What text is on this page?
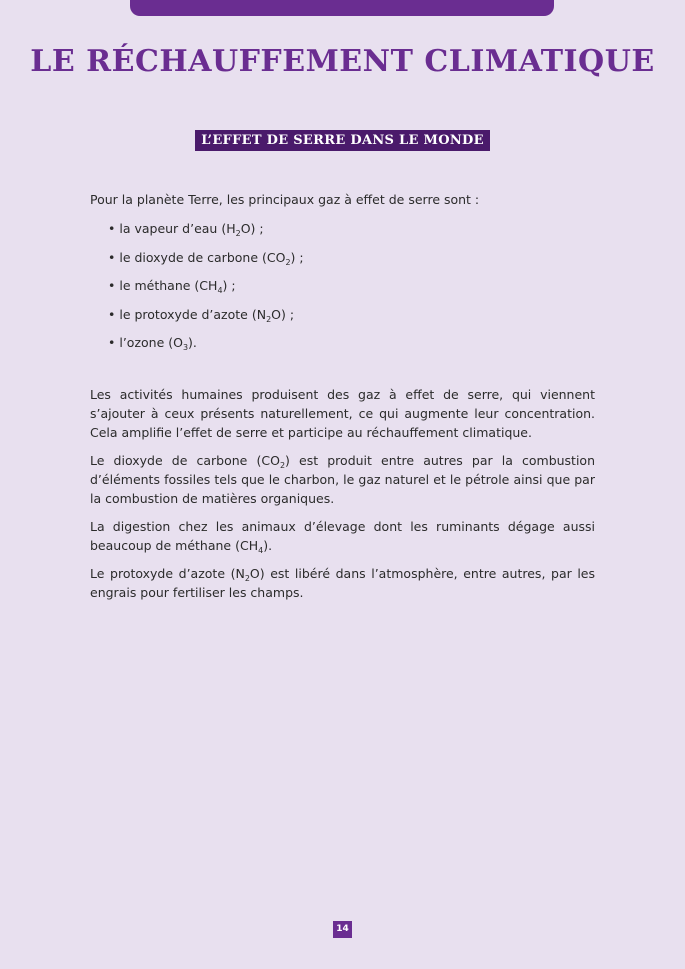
LE RÉCHAUFFEMENT CLIMATIQUE
L’EFFET DE SERRE DANS LE MONDE

Pour la planète Terre, les principaux gaz à effet de serre sont :

• la vapeur d’eau $(H_2O)$ ;
• le dioxyde de carbone $(CO_2)$ ;
• le méthane $(CH_4)$ ;
• le protoxyde d’azote $(N_2O)$ ;
• l’ozone $(O_3)$.

Les activités humaines produisent des gaz à effet de serre, qui viennent s’ajouter à ceux présents naturellement, ce qui augmente leur concentration. Cela amplifie l’effet de serre et participe au réchauffement climatique.

Le dioxyde de carbone $(CO_2)$ est produit entre autres par la combustion d’éléments fossiles tels que le charbon, le gaz naturel et le pétrole ainsi que par la combustion de matières organiques.

La digestion chez les animaux d’élevage dont les ruminants dégage aussi beaucoup de méthane $(CH_4)$.

Le protoxyde d’azote $(N_2O)$ est libéré dans l’atmosphère, entre autres, par les engrais pour fertiliser les champs.

14
